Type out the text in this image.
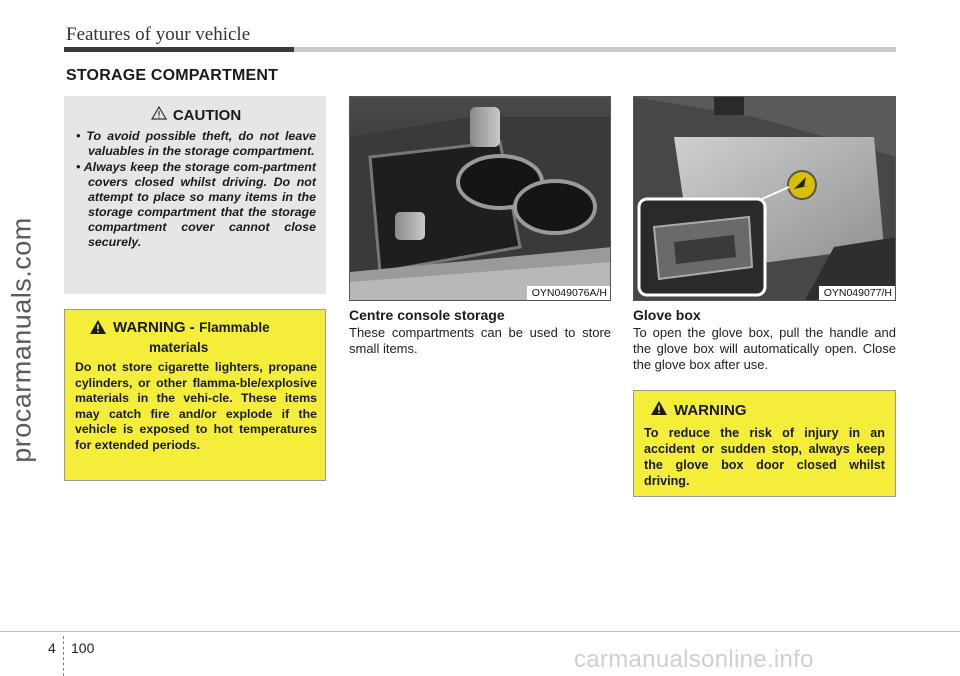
Features of your vehicle
STORAGE COMPARTMENT
procarmanuals.com
CAUTION
• To avoid possible theft, do not leave valuables in the storage compartment.
• Always keep the storage com-partment covers closed whilst driving. Do not attempt to place so many items in the storage compartment that the storage compartment cover cannot close securely.
WARNING - Flammable
materials
Do not store cigarette lighters, propane cylinders, or other flamma-ble/explosive materials in the vehi-cle. These items may catch fire and/or explode if the vehicle is exposed to hot temperatures for extended periods.
OYN049076A/H	OYN049077/H
Centre console storage
These compartments can be used to store small items.
Glove box
To open the glove box, pull the handle and the glove box will automatically open. Close the glove box after use.
WARNING
To reduce the risk of injury in an accident or sudden stop, always keep the glove box door closed whilst driving.
4 100	carmanualsonline.info
